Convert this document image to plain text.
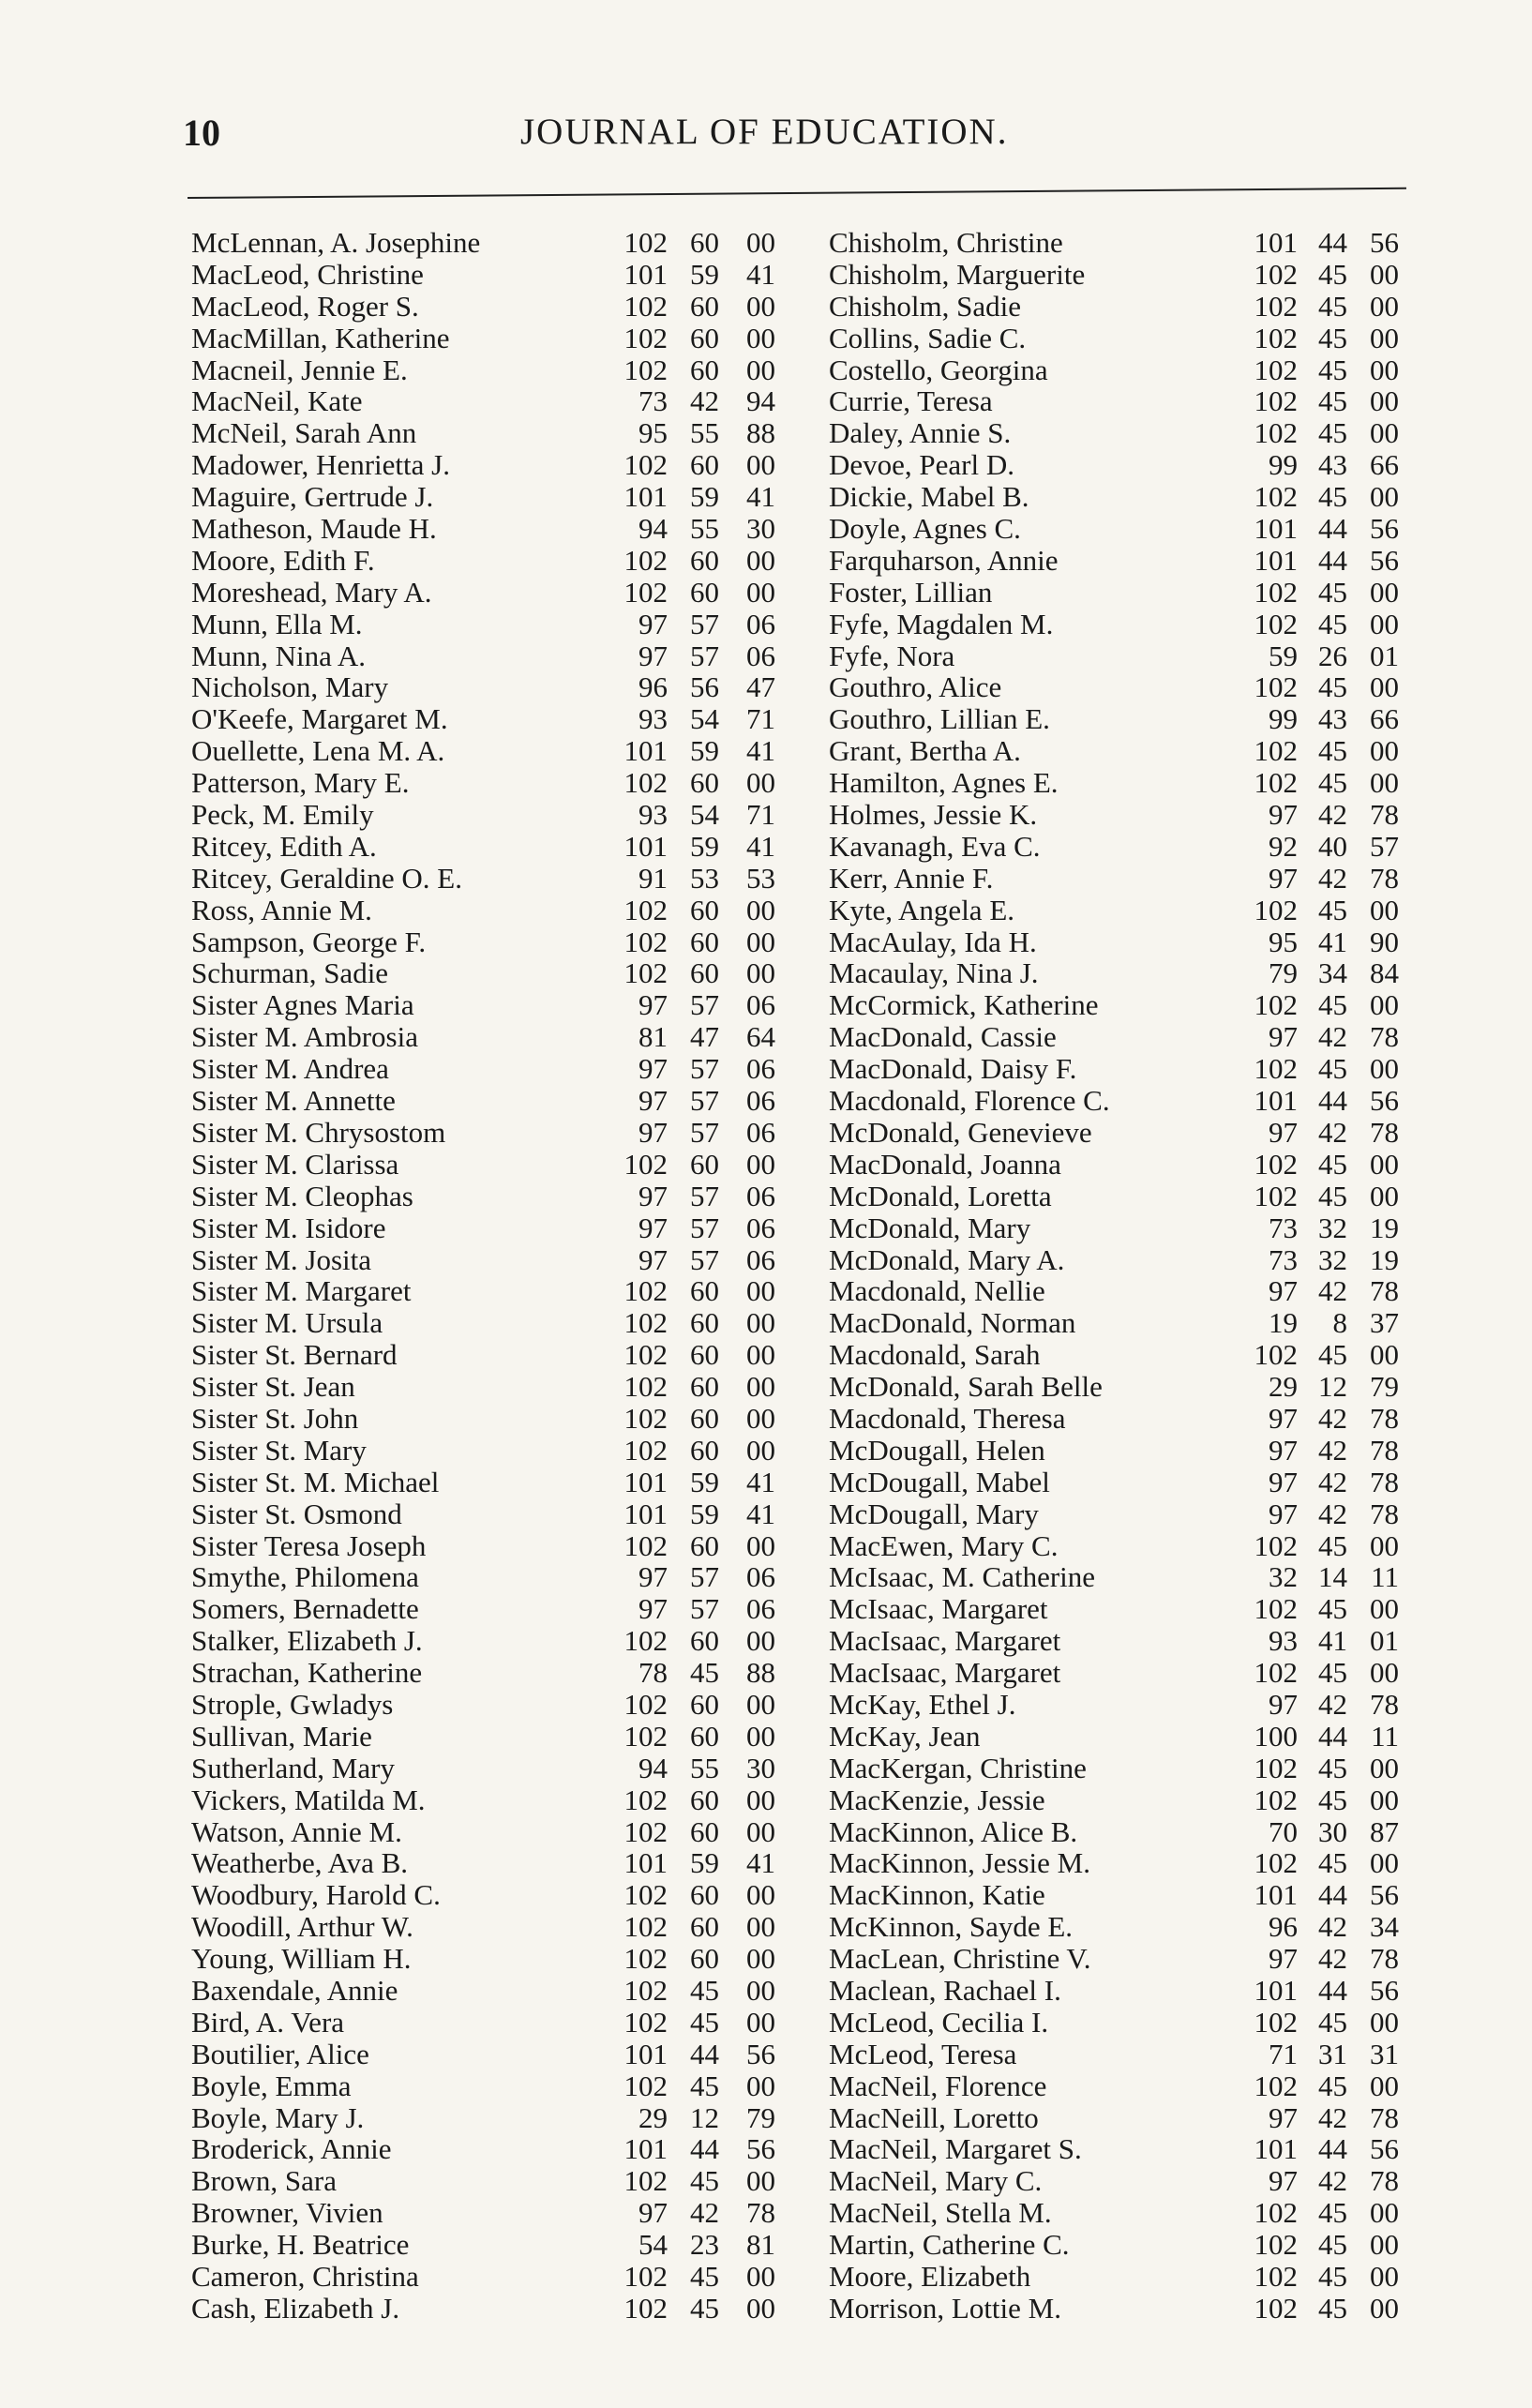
10	JOURNAL OF EDUCATION.
McLennan, A. Josephine	102 60 00
MacLeod, Christine	101 59 41
MacLeod, Roger S.	102 60 00
MacMillan, Katherine	102 60 00
Macneil, Jennie E.	102 60 00
MacNeil, Kate	73 42 94
McNeil, Sarah Ann	95 55 88
Madower, Henrietta J.	102 60 00
Maguire, Gertrude J.	101 59 41
Matheson, Maude H.	94 55 30
Moore, Edith F.	102 60 00
Moreshead, Mary A.	102 60 00
Munn, Ella M.	97 57 06
Munn, Nina A.	97 57 06
Nicholson, Mary	96 56 47
O'Keefe, Margaret M.	93 54 71
Ouellette, Lena M. A.	101 59 41
Patterson, Mary E.	102 60 00
Peck, M. Emily	93 54 71
Ritcey, Edith A.	101 59 41
Ritcey, Geraldine O. E.	91 53 53
Ross, Annie M.	102 60 00
Sampson, George F.	102 60 00
Schurman, Sadie	102 60 00
Sister Agnes Maria	97 57 06
Sister M. Ambrosia	81 47 64
Sister M. Andrea	97 57 06
Sister M. Annette	97 57 06
Sister M. Chrysostom	97 57 06
Sister M. Clarissa	102 60 00
Sister M. Cleophas	97 57 06
Sister M. Isidore	97 57 06
Sister M. Josita	97 57 06
Sister M. Margaret	102 60 00
Sister M. Ursula	102 60 00
Sister St. Bernard	102 60 00
Sister St. Jean	102 60 00
Sister St. John	102 60 00
Sister St. Mary	102 60 00
Sister St. M. Michael	101 59 41
Sister St. Osmond	101 59 41
Sister Teresa Joseph	102 60 00
Smythe, Philomena	97 57 06
Somers, Bernadette	97 57 06
Stalker, Elizabeth J.	102 60 00
Strachan, Katherine	78 45 88
Strople, Gwladys	102 60 00
Sullivan, Marie	102 60 00
Sutherland, Mary	94 55 30
Vickers, Matilda M.	102 60 00
Watson, Annie M.	102 60 00
Weatherbe, Ava B.	101 59 41
Woodbury, Harold C.	102 60 00
Woodill, Arthur W.	102 60 00
Young, William H.	102 60 00
Baxendale, Annie	102 45 00
Bird, A. Vera	102 45 00
Boutilier, Alice	101 44 56
Boyle, Emma	102 45 00
Boyle, Mary J.	29 12 79
Broderick, Annie	101 44 56
Brown, Sara	102 45 00
Browner, Vivien	97 42 78
Burke, H. Beatrice	54 23 81
Cameron, Christina	102 45 00
Cash, Elizabeth J.	102 45 00
Chisholm, Christine	101 44 56
Chisholm, Marguerite	102 45 00
Chisholm, Sadie	102 45 00
Collins, Sadie C.	102 45 00
Costello, Georgina	102 45 00
Currie, Teresa	102 45 00
Daley, Annie S.	102 45 00
Devoe, Pearl D.	99 43 66
Dickie, Mabel B.	102 45 00
Doyle, Agnes C.	101 44 56
Farquharson, Annie	101 44 56
Foster, Lillian	102 45 00
Fyfe, Magdalen M.	102 45 00
Fyfe, Nora	59 26 01
Gouthro, Alice	102 45 00
Gouthro, Lillian E.	99 43 66
Grant, Bertha A.	102 45 00
Hamilton, Agnes E.	102 45 00
Holmes, Jessie K.	97 42 78
Kavanagh, Eva C.	92 40 57
Kerr, Annie F.	97 42 78
Kyte, Angela E.	102 45 00
MacAulay, Ida H.	95 41 90
Macaulay, Nina J.	79 34 84
McCormick, Katherine	102 45 00
MacDonald, Cassie	97 42 78
MacDonald, Daisy F.	102 45 00
Macdonald, Florence C.	101 44 56
McDonald, Genevieve	97 42 78
MacDonald, Joanna	102 45 00
McDonald, Loretta	102 45 00
McDonald, Mary	73 32 19
McDonald, Mary A.	73 32 19
Macdonald, Nellie	97 42 78
MacDonald, Norman	19	8 37
Macdonald, Sarah	102 45 00
McDonald, Sarah Belle	29 12 79
Macdonald, Theresa	97 42 78
McDougall, Helen	97 42 78
McDougall, Mabel	97 42 78
McDougall, Mary	97 42 78
MacEwen, Mary C.	102 45 00
McIsaac, M. Catherine	32 14 11
McIsaac, Margaret	102 45 00
MacIsaac, Margaret	93 41 01
MacIsaac, Margaret	102 45 00
McKay, Ethel J.	97 42 78
McKay, Jean	100 44 11
MacKergan, Christine	102 45 00
MacKenzie, Jessie	102 45 00
MacKinnon, Alice B.	70 30 87
MacKinnon, Jessie M.	102 45 00
MacKinnon, Katie	101 44 56
McKinnon, Sayde E.	96 42 34
MacLean, Christine V.	97 42 78
Maclean, Rachael I.	101 44 56
McLeod, Cecilia I.	102 45 00
McLeod, Teresa	71 31 31
MacNeil, Florence	102 45 00
MacNeill, Loretto	97 42 78
MacNeil, Margaret S.	101 44 56
MacNeil, Mary C.	97 42 78
MacNeil, Stella M.	102 45 00
Martin, Catherine C.	102 45 00
Moore, Elizabeth	102 45 00
Morrison, Lottie M.	102 45 00
